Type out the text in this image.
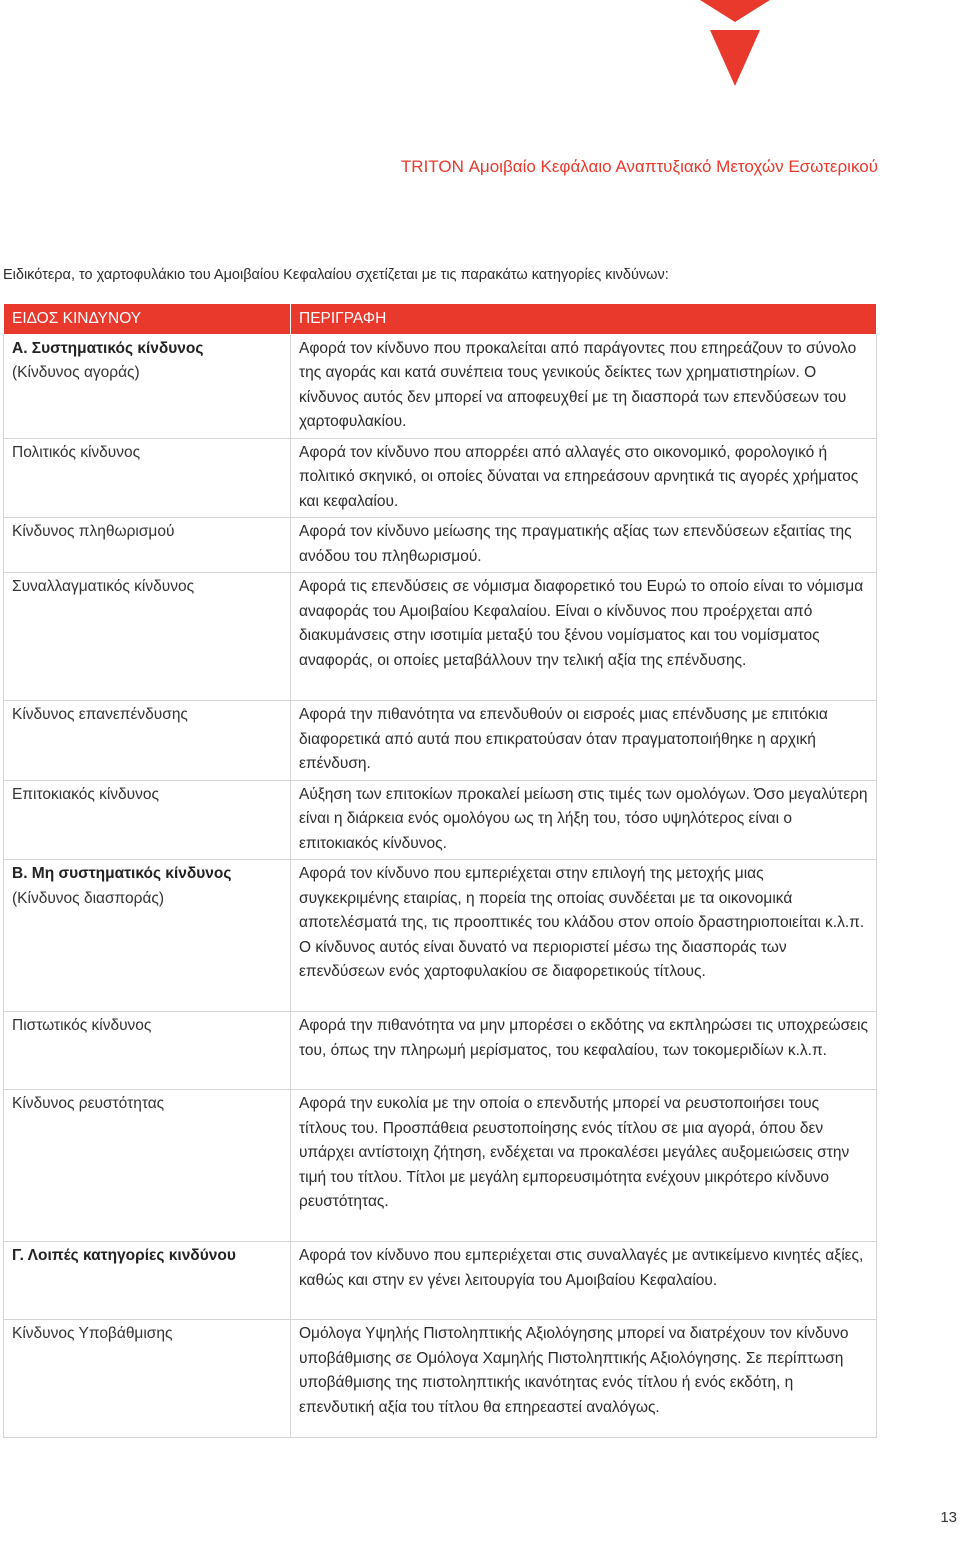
TRITON Αμοιβαίο Κεφάλαιο Αναπτυξιακό Μετοχών Εσωτερικού
Ειδικότερα, το χαρτοφυλάκιο του Αμοιβαίου Κεφαλαίου σχετίζεται με τις παρακάτω κατηγορίες κινδύνων:
ΕΙΔΟΣ ΚΙΝΔΥΝΟΥ	ΠΕΡΙΓΡΑΦΗ

Α. Συστηματικός κίνδυνος
(Κίνδυνος αγοράς)	Αφορά τον κίνδυνο που προκαλείται από παράγοντες που επηρεάζουν το σύνολο της αγοράς και κατά συνέπεια τους γενικούς δείκτες των χρηματιστηρίων. Ο κίνδυνος αυτός δεν μπορεί να αποφευχθεί με τη διασπορά των επενδύσεων του χαρτοφυλακίου.

Πολιτικός κίνδυνος	Αφορά τον κίνδυνο που απορρέει από αλλαγές στο οικονομικό, φορολογικό ή πολιτικό σκηνικό, οι οποίες δύναται να επηρεάσουν αρνητικά τις αγορές χρήματος και κεφαλαίου.

Κίνδυνος πληθωρισμού	Αφορά τον κίνδυνο μείωσης της πραγματικής αξίας των επενδύσεων εξαιτίας της ανόδου του πληθωρισμού.

Συναλλαγματικός κίνδυνος	Αφορά τις επενδύσεις σε νόμισμα διαφορετικό του Ευρώ το οποίο είναι το νόμισμα αναφοράς του Αμοιβαίου Κεφαλαίου. Είναι ο κίνδυνος που προέρχεται από διακυμάνσεις στην ισοτιμία μεταξύ του ξένου νομίσματος και του νομίσματος αναφοράς, οι οποίες μεταβάλλουν την τελική αξία της επένδυσης.

Κίνδυνος επανεπένδυσης	Αφορά την πιθανότητα να επενδυθούν οι εισροές μιας επένδυσης με επιτόκια διαφορετικά από αυτά που επικρατούσαν όταν πραγματοποιήθηκε η αρχική επένδυση.

Επιτοκιακός κίνδυνος	Αύξηση των επιτοκίων προκαλεί μείωση στις τιμές των ομολόγων. Όσο μεγαλύτερη είναι η διάρκεια ενός ομολόγου ως τη λήξη του, τόσο υψηλότερος είναι ο επιτοκιακός κίνδυνος.

Β. Μη συστηματικός κίνδυνος
(Κίνδυνος διασποράς)	Αφορά τον κίνδυνο που εμπεριέχεται στην επιλογή της μετοχής μιας συγκεκριμένης εταιρίας, η πορεία της οποίας συνδέεται με τα οικονομικά αποτελέσματά της, τις προοπτικές του κλάδου στον οποίο δραστηριοποιείται κ.λ.π. Ο κίνδυνος αυτός είναι δυνατό να περιοριστεί μέσω της διασποράς των επενδύσεων ενός χαρτοφυλακίου σε διαφορετικούς τίτλους.

Πιστωτικός κίνδυνος	Αφορά την πιθανότητα να μην μπορέσει ο εκδότης να εκπληρώσει τις υποχρεώσεις του, όπως την πληρωμή μερίσματος, του κεφαλαίου, των τοκομεριδίων κ.λ.π.

Κίνδυνος ρευστότητας	Αφορά την ευκολία με την οποία ο επενδυτής μπορεί να ρευστοποιήσει τους τίτλους του. Προσπάθεια ρευστοποίησης ενός τίτλου σε μια αγορά, όπου δεν υπάρχει αντίστοιχη ζήτηση, ενδέχεται να προκαλέσει μεγάλες αυξομειώσεις στην τιμή του τίτλου. Τίτλοι με μεγάλη εμπορευσιμότητα ενέχουν μικρότερο κίνδυνο ρευστότητας.

Γ. Λοιπές κατηγορίες κινδύνου	Αφορά τον κίνδυνο που εμπεριέχεται στις συναλλαγές με αντικείμενο κινητές αξίες, καθώς και στην εν γένει λειτουργία του Αμοιβαίου Κεφαλαίου.

Κίνδυνος Υποβάθμισης	Ομόλογα Υψηλής Πιστοληπτικής Αξιολόγησης μπορεί να διατρέχουν τον κίνδυνο υποβάθμισης σε Ομόλογα Χαμηλής Πιστοληπτικής Αξιολόγησης. Σε περίπτωση υποβάθμισης της πιστοληπτικής ικανότητας ενός τίτλου ή ενός εκδότη, η επενδυτική αξία του τίτλου θα επηρεαστεί αναλόγως.
13
